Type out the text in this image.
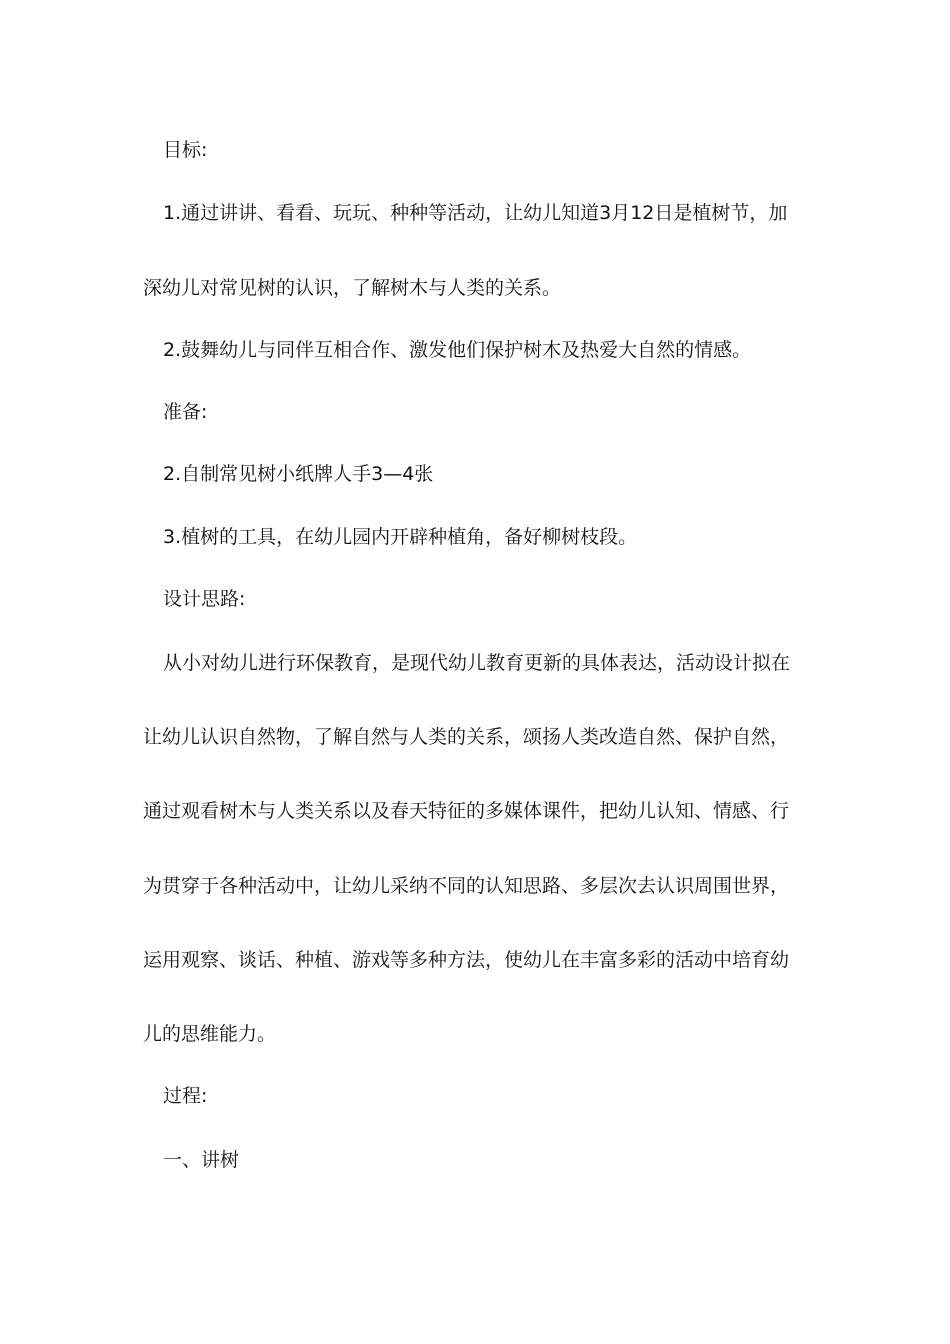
目标:
1.通过讲讲、看看、玩玩、种种等活动，让幼儿知道3月12日是植树节，加
深幼儿对常见树的认识，了解树木与人类的关系。
2.鼓舞幼儿与同伴互相合作、激发他们保护树木及热爱大自然的情感。
准备:
2.自制常见树小纸牌人手3—4张
3.植树的工具，在幼儿园内开辟种植角，备好柳树枝段。
设计思路:
从小对幼儿进行环保教育，是现代幼儿教育更新的具体表达，活动设计拟在
让幼儿认识自然物，了解自然与人类的关系，颂扬人类改造自然、保护自然，
通过观看树木与人类关系以及春天特征的多媒体课件，把幼儿认知、情感、行
为贯穿于各种活动中，让幼儿采纳不同的认知思路、多层次去认识周围世界，
运用观察、谈话、种植、游戏等多种方法，使幼儿在丰富多彩的活动中培育幼
儿的思维能力。
过程:
一、讲树
